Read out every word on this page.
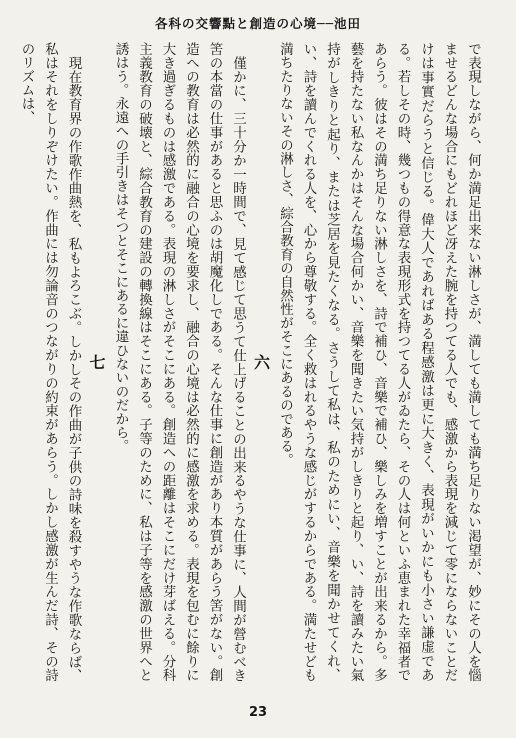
各科の交響點と創造の心境──池田

で表現しながら、何か満足出来ない淋しさが、満しても満しても満ち足りない渇望が、妙にその人を惱ませるどんな場合にもどれほど冴えた腕を持つてる人でも、感激から表現を減じて零にならないことだけは事實だらうと信じる。偉大人であればある程感激は更に大きく、表現がいかにも小さい謙虚である。若しその時、幾つもの得意な表現形式を持つてる人がゐたら、その人は何といふ恵まれた幸福者であらう。彼はその満ち足りない淋しさを、詩で補ひ、音樂で補ひ、樂しみを増すことが出来るから。多藝を持たない私なんかはそんな場合何かい、音樂を聞きたい気持がしきりと起り、い、詩を讀みたい氣持がしきりと起り、または芝居を見たくなる。さうして私は、私のためにい、音樂を聞かせてくれ、い、詩を讀んでくれる人を、心から尊敬する。全く救はれるやうな感じがするからである。満たせども満ちたりないその淋しさ、綜合教育の自然性がそこにあるのである。

六

僅かに、三十分か一時間で、見て感じて思うて仕上げることの出来るやうな仕事に、人間が營むべき筈の本當の仕事があると思ふのは胡魔化しである。そんな仕事に創造があり本質があらう筈がない。創造への教育は必然的に融合の心境を要求し、融合の心境は必然的に感激を求める。表現を包むに餘りに大き過ぎるものは感激である。表現の淋しさがそこにある。創造への距離はそこにだけ芽ばえる。分科主義教育の破壊と、綜合教育の建設の轉換線はそこにある。子等のために、私は子等を感激の世界へと誘はう。永遠への手引きはそつとそこにあるに違ひないのだから。

七

現在教育界の作歌作曲熱を、私もよろこぶ。しかしその作曲が子供の詩味を殺すやうな作歌ならば、私はそれをしりぞけたい。作曲には勿論音のつながりの約束があらう。しかし感激が生んだ詩、その詩のリズムは、

23
